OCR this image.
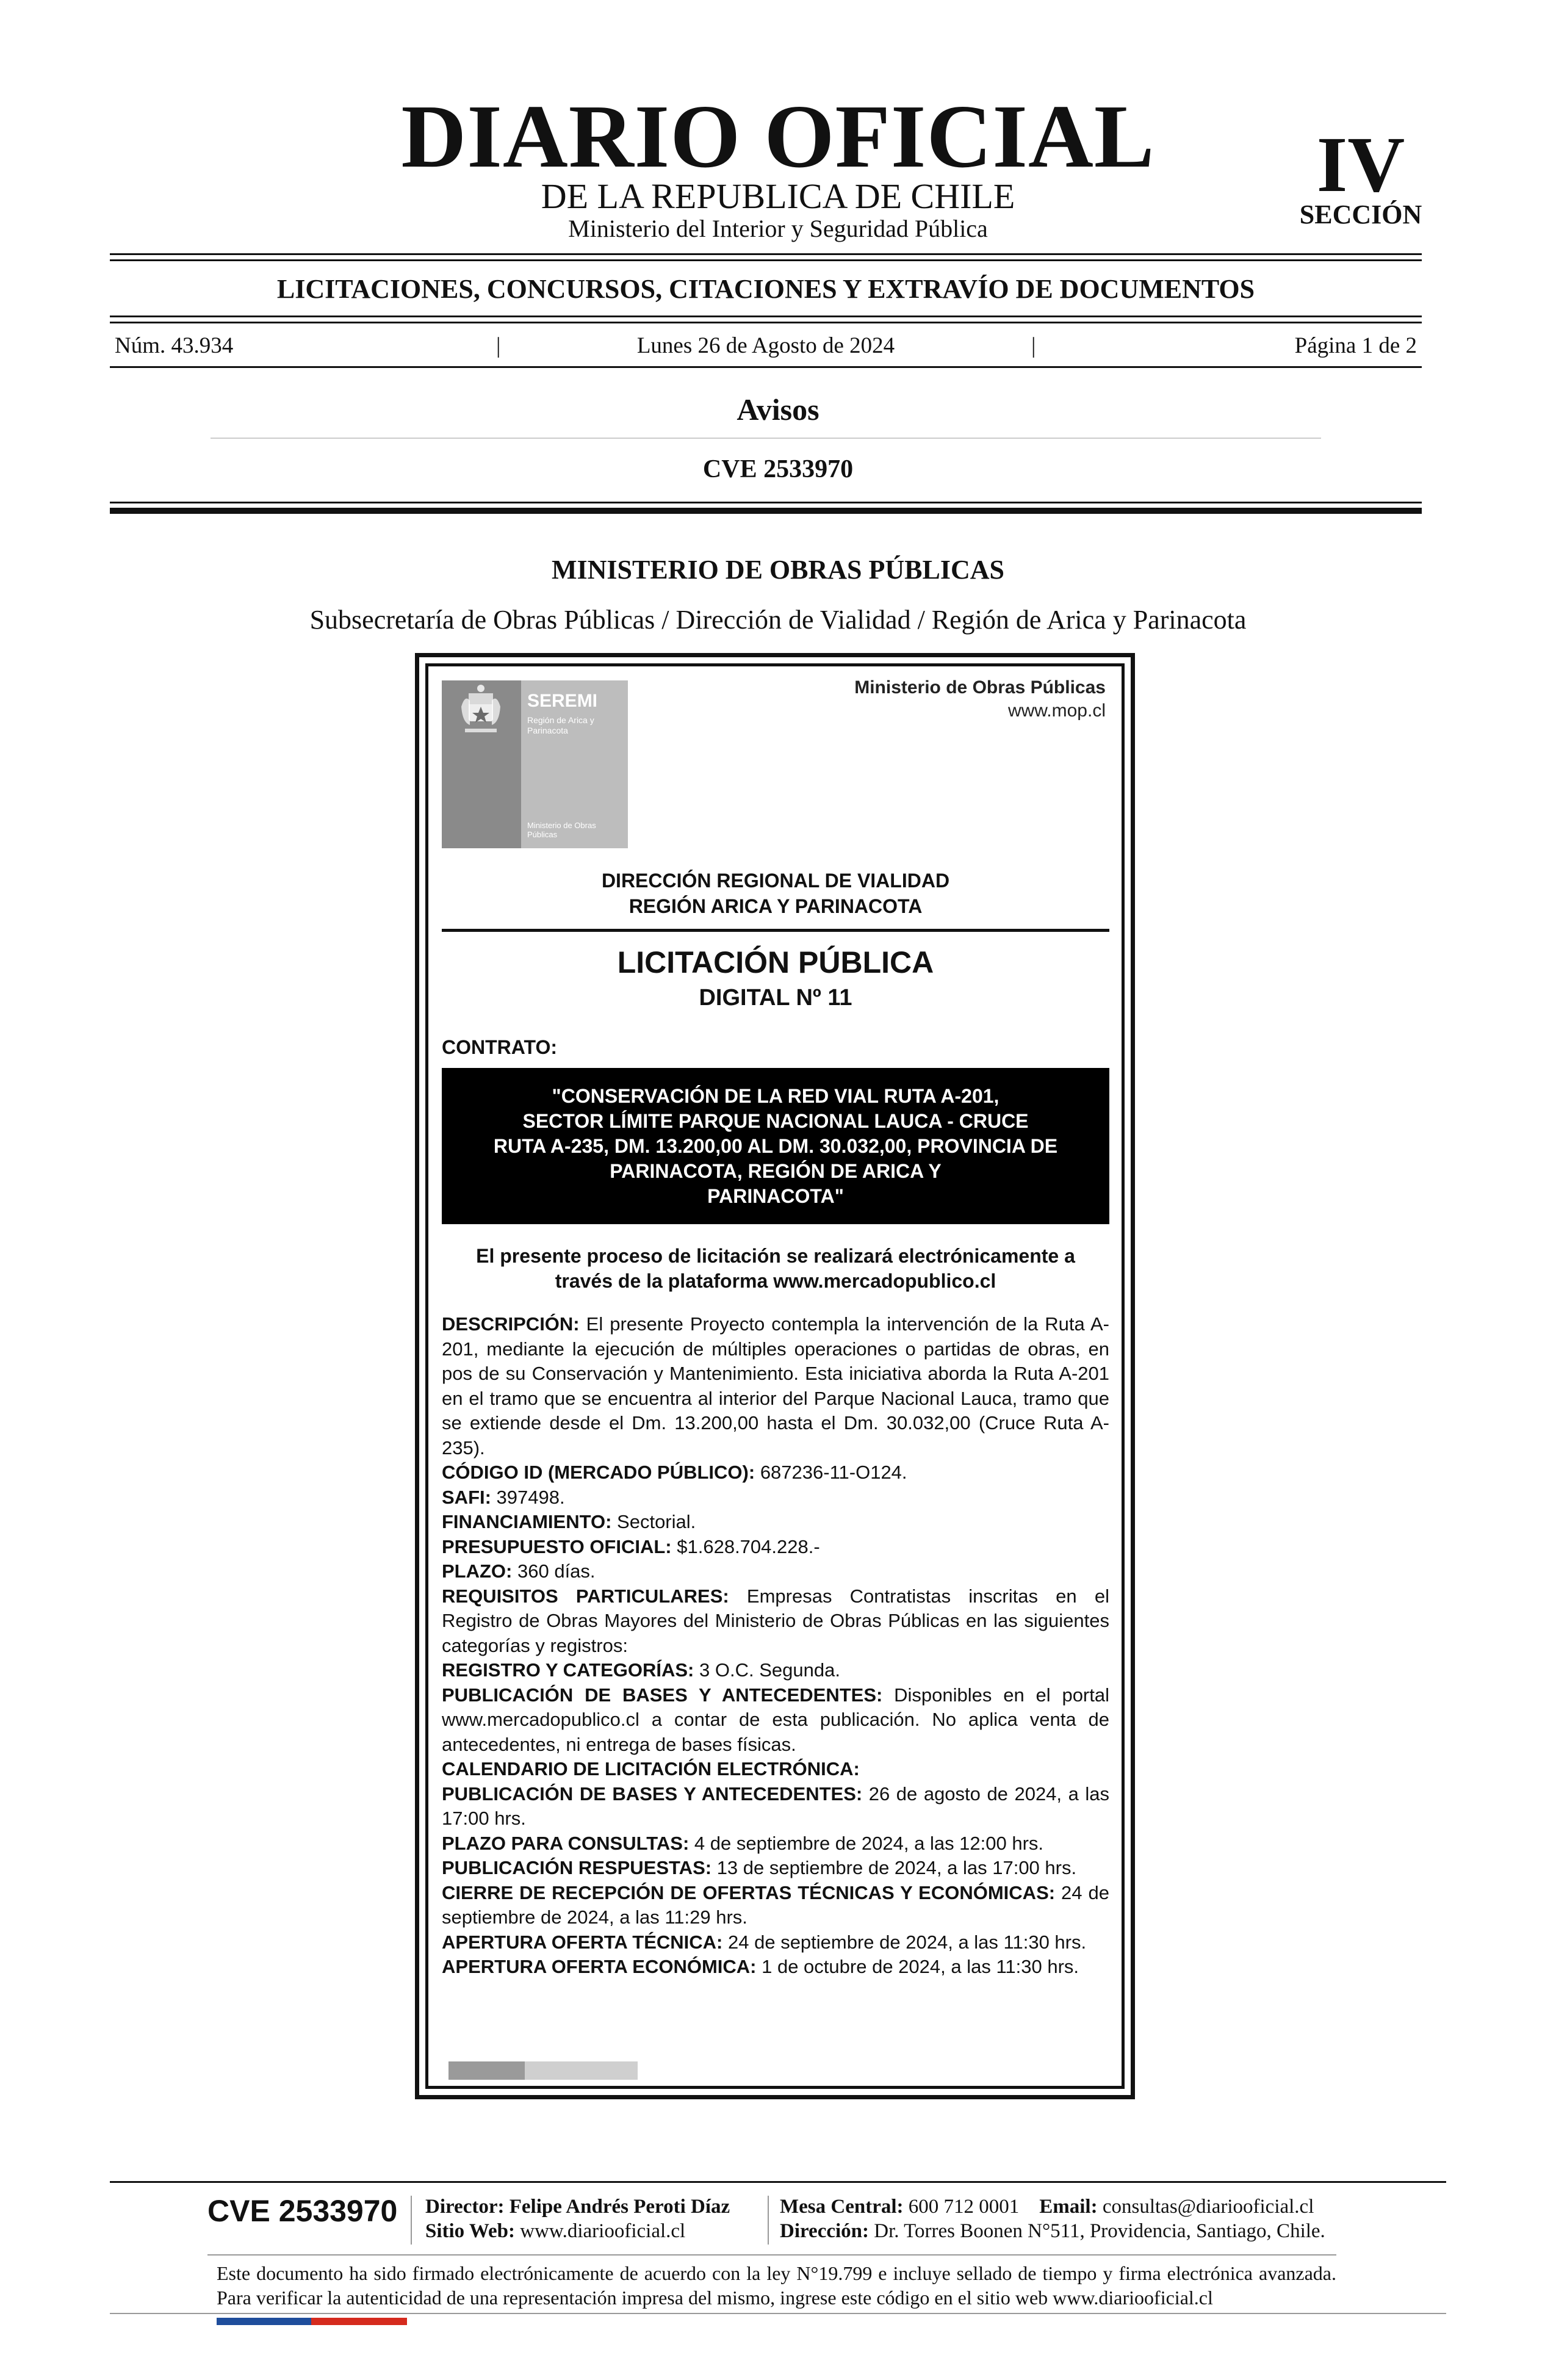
DIARIO OFICIAL
DE LA REPUBLICA DE CHILE
Ministerio del Interior y Seguridad Pública
IV
SECCIÓN
LICITACIONES, CONCURSOS, CITACIONES Y EXTRAVÍO DE DOCUMENTOS
Núm. 43.934	|	Lunes 26 de Agosto de 2024	|	Página 1 de 2
Avisos
CVE 2533970
MINISTERIO DE OBRAS PÚBLICAS
Subsecretaría de Obras Públicas / Dirección de Vialidad / Región de Arica y Parinacota
SEREMI
Región de Arica y Parinacota
Ministerio de Obras Públicas
Ministerio de Obras Públicas
www.mop.cl
DIRECCIÓN REGIONAL DE VIALIDAD
REGIÓN ARICA Y PARINACOTA
LICITACIÓN PÚBLICA
DIGITAL Nº 11
CONTRATO:
"CONSERVACIÓN DE LA RED VIAL RUTA A-201,
SECTOR LÍMITE PARQUE NACIONAL LAUCA - CRUCE
RUTA A-235, DM. 13.200,00 AL DM. 30.032,00, PROVINCIA DE
PARINACOTA, REGIÓN DE ARICA Y
PARINACOTA"
El presente proceso de licitación se realizará electrónicamente a través de la plataforma www.mercadopublico.cl

DESCRIPCIÓN: El presente Proyecto contempla la intervención de la Ruta A-201, mediante la ejecución de múltiples operaciones o partidas de obras, en pos de su Conservación y Mantenimiento. Esta iniciativa aborda la Ruta A-201 en el tramo que se encuentra al interior del Parque Nacional Lauca, tramo que se extiende desde el Dm. 13.200,00 hasta el Dm. 30.032,00 (Cruce Ruta A-235).

CÓDIGO ID (MERCADO PÚBLICO): 687236-11-O124.

SAFI: 397498.

FINANCIAMIENTO: Sectorial.

PRESUPUESTO OFICIAL: $1.628.704.228.-

PLAZO: 360 días.

REQUISITOS PARTICULARES: Empresas Contratistas inscritas en el Registro de Obras Mayores del Ministerio de Obras Públicas en las siguientes categorías y registros:

REGISTRO Y CATEGORÍAS: 3 O.C. Segunda.

PUBLICACIÓN DE BASES Y ANTECEDENTES: Disponibles en el portal www.mercadopublico.cl a contar de esta publicación. No aplica venta de antecedentes, ni entrega de bases físicas.

CALENDARIO DE LICITACIÓN ELECTRÓNICA:

PUBLICACIÓN DE BASES Y ANTECEDENTES: 26 de agosto de 2024, a las 17:00 hrs.

PLAZO PARA CONSULTAS: 4 de septiembre de 2024, a las 12:00 hrs.

PUBLICACIÓN RESPUESTAS: 13 de septiembre de 2024, a las 17:00 hrs.

CIERRE DE RECEPCIÓN DE OFERTAS TÉCNICAS Y ECONÓMICAS: 24 de septiembre de 2024, a las 11:29 hrs.

APERTURA OFERTA TÉCNICA: 24 de septiembre de 2024, a las 11:30 hrs.

APERTURA OFERTA ECONÓMICA: 1 de octubre de 2024, a las 11:30 hrs.

CVE 2533970 Director: Felipe Andrés Peroti Díaz
Sitio Web: www.diariooficial.cl
Mesa Central: 600 712 0001 Email: consultas@diariooficial.cl
Dirección: Dr. Torres Boonen N°511, Providencia, Santiago, Chile.
Este documento ha sido firmado electrónicamente de acuerdo con la ley N°19.799 e incluye sellado de tiempo y firma electrónica avanzada. Para verificar la autenticidad de una representación impresa del mismo, ingrese este código en el sitio web www.diariooficial.cl
